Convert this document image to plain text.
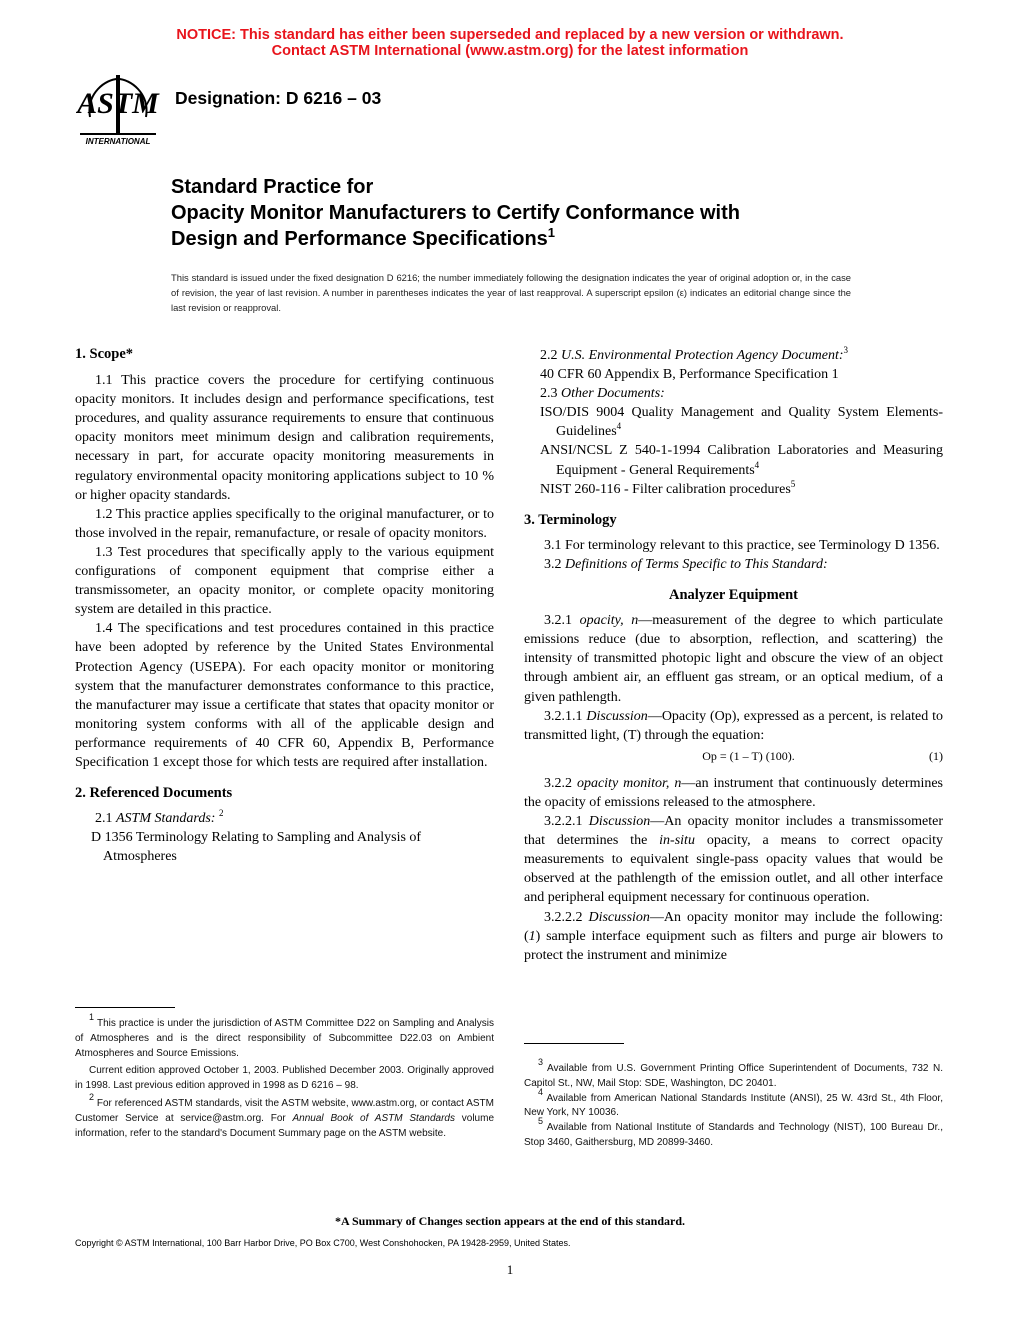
NOTICE: This standard has either been superseded and replaced by a new version or withdrawn.
Contact ASTM International (www.astm.org) for the latest information
ASTM
INTERNATIONAL
Designation: D 6216 – 03
Standard Practice for
Opacity Monitor Manufacturers to Certify Conformance with
Design and Performance Specifications$^1$
This standard is issued under the fixed designation D 6216; the number immediately following the designation indicates the year of original adoption or, in the case of revision, the year of last revision. A number in parentheses indicates the year of last reapproval. A superscript epsilon (ε) indicates an editorial change since the last revision or reapproval.

1. Scope*

1.1 This practice covers the procedure for certifying continuous opacity monitors. It includes design and performance specifications, test procedures, and quality assurance requirements to ensure that continuous opacity monitors meet minimum design and calibration requirements, necessary in part, for accurate opacity monitoring measurements in regulatory environmental opacity monitoring applications subject to 10 % or higher opacity standards.

1.2 This practice applies specifically to the original manufacturer, or to those involved in the repair, remanufacture, or resale of opacity monitors.

1.3 Test procedures that specifically apply to the various equipment configurations of component equipment that comprise either a transmissometer, an opacity monitor, or complete opacity monitoring system are detailed in this practice.

1.4 The specifications and test procedures contained in this practice have been adopted by reference by the United States Environmental Protection Agency (USEPA). For each opacity monitor or monitoring system that the manufacturer demonstrates conformance to this practice, the manufacturer may issue a certificate that states that opacity monitor or monitoring system conforms with all of the applicable design and performance requirements of 40 CFR 60, Appendix B, Performance Specification 1 except those for which tests are required after installation.

2. Referenced Documents

2.1 ASTM Standards: $^2$

D 1356 Terminology Relating to Sampling and Analysis of Atmospheres

$^1$ This practice is under the jurisdiction of ASTM Committee D22 on Sampling and Analysis of Atmospheres and is the direct responsibility of Subcommittee D22.03 on Ambient Atmospheres and Source Emissions.

Current edition approved October 1, 2003. Published December 2003. Originally approved in 1998. Last previous edition approved in 1998 as D 6216 – 98.

$^2$ For referenced ASTM standards, visit the ASTM website, www.astm.org, or contact ASTM Customer Service at service@astm.org. For Annual Book of ASTM Standards volume information, refer to the standard's Document Summary page on the ASTM website.

2.2 U.S. Environmental Protection Agency Document:$^3$

40 CFR 60 Appendix B, Performance Specification 1

2.3 Other Documents:

ISO/DIS 9004 Quality Management and Quality System Elements-Guidelines$^4$

ANSI/NCSL Z 540-1-1994 Calibration Laboratories and Measuring Equipment - General Requirements$^4$

NIST 260-116 - Filter calibration procedures$^5$

3. Terminology

3.1 For terminology relevant to this practice, see Terminology D 1356.

3.2 Definitions of Terms Specific to This Standard:

Analyzer Equipment

3.2.1 opacity, n—measurement of the degree to which particulate emissions reduce (due to absorption, reflection, and scattering) the intensity of transmitted photopic light and obscure the view of an object through ambient air, an effluent gas stream, or an optical medium, of a given pathlength.

3.2.1.1 Discussion—Opacity (Op), expressed as a percent, is related to transmitted light, (T) through the equation:

Op = (1 – T) (100).	(1)

3.2.2 opacity monitor, n—an instrument that continuously determines the opacity of emissions released to the atmosphere.

3.2.2.1 Discussion—An opacity monitor includes a transmissometer that determines the in-situ opacity, a means to correct opacity measurements to equivalent single-pass opacity values that would be observed at the pathlength of the emission outlet, and all other interface and peripheral equipment necessary for continuous operation.

3.2.2.2 Discussion—An opacity monitor may include the following: (1) sample interface equipment such as filters and purge air blowers to protect the instrument and minimize

$^3$ Available from U.S. Government Printing Office Superintendent of Documents, 732 N. Capitol St., NW, Mail Stop: SDE, Washington, DC 20401.

$^4$ Available from American National Standards Institute (ANSI), 25 W. 43rd St., 4th Floor, New York, NY 10036.

$^5$ Available from National Institute of Standards and Technology (NIST), 100 Bureau Dr., Stop 3460, Gaithersburg, MD 20899-3460.

*A Summary of Changes section appears at the end of this standard.
Copyright © ASTM International, 100 Barr Harbor Drive, PO Box C700, West Conshohocken, PA 19428-2959, United States.
1
